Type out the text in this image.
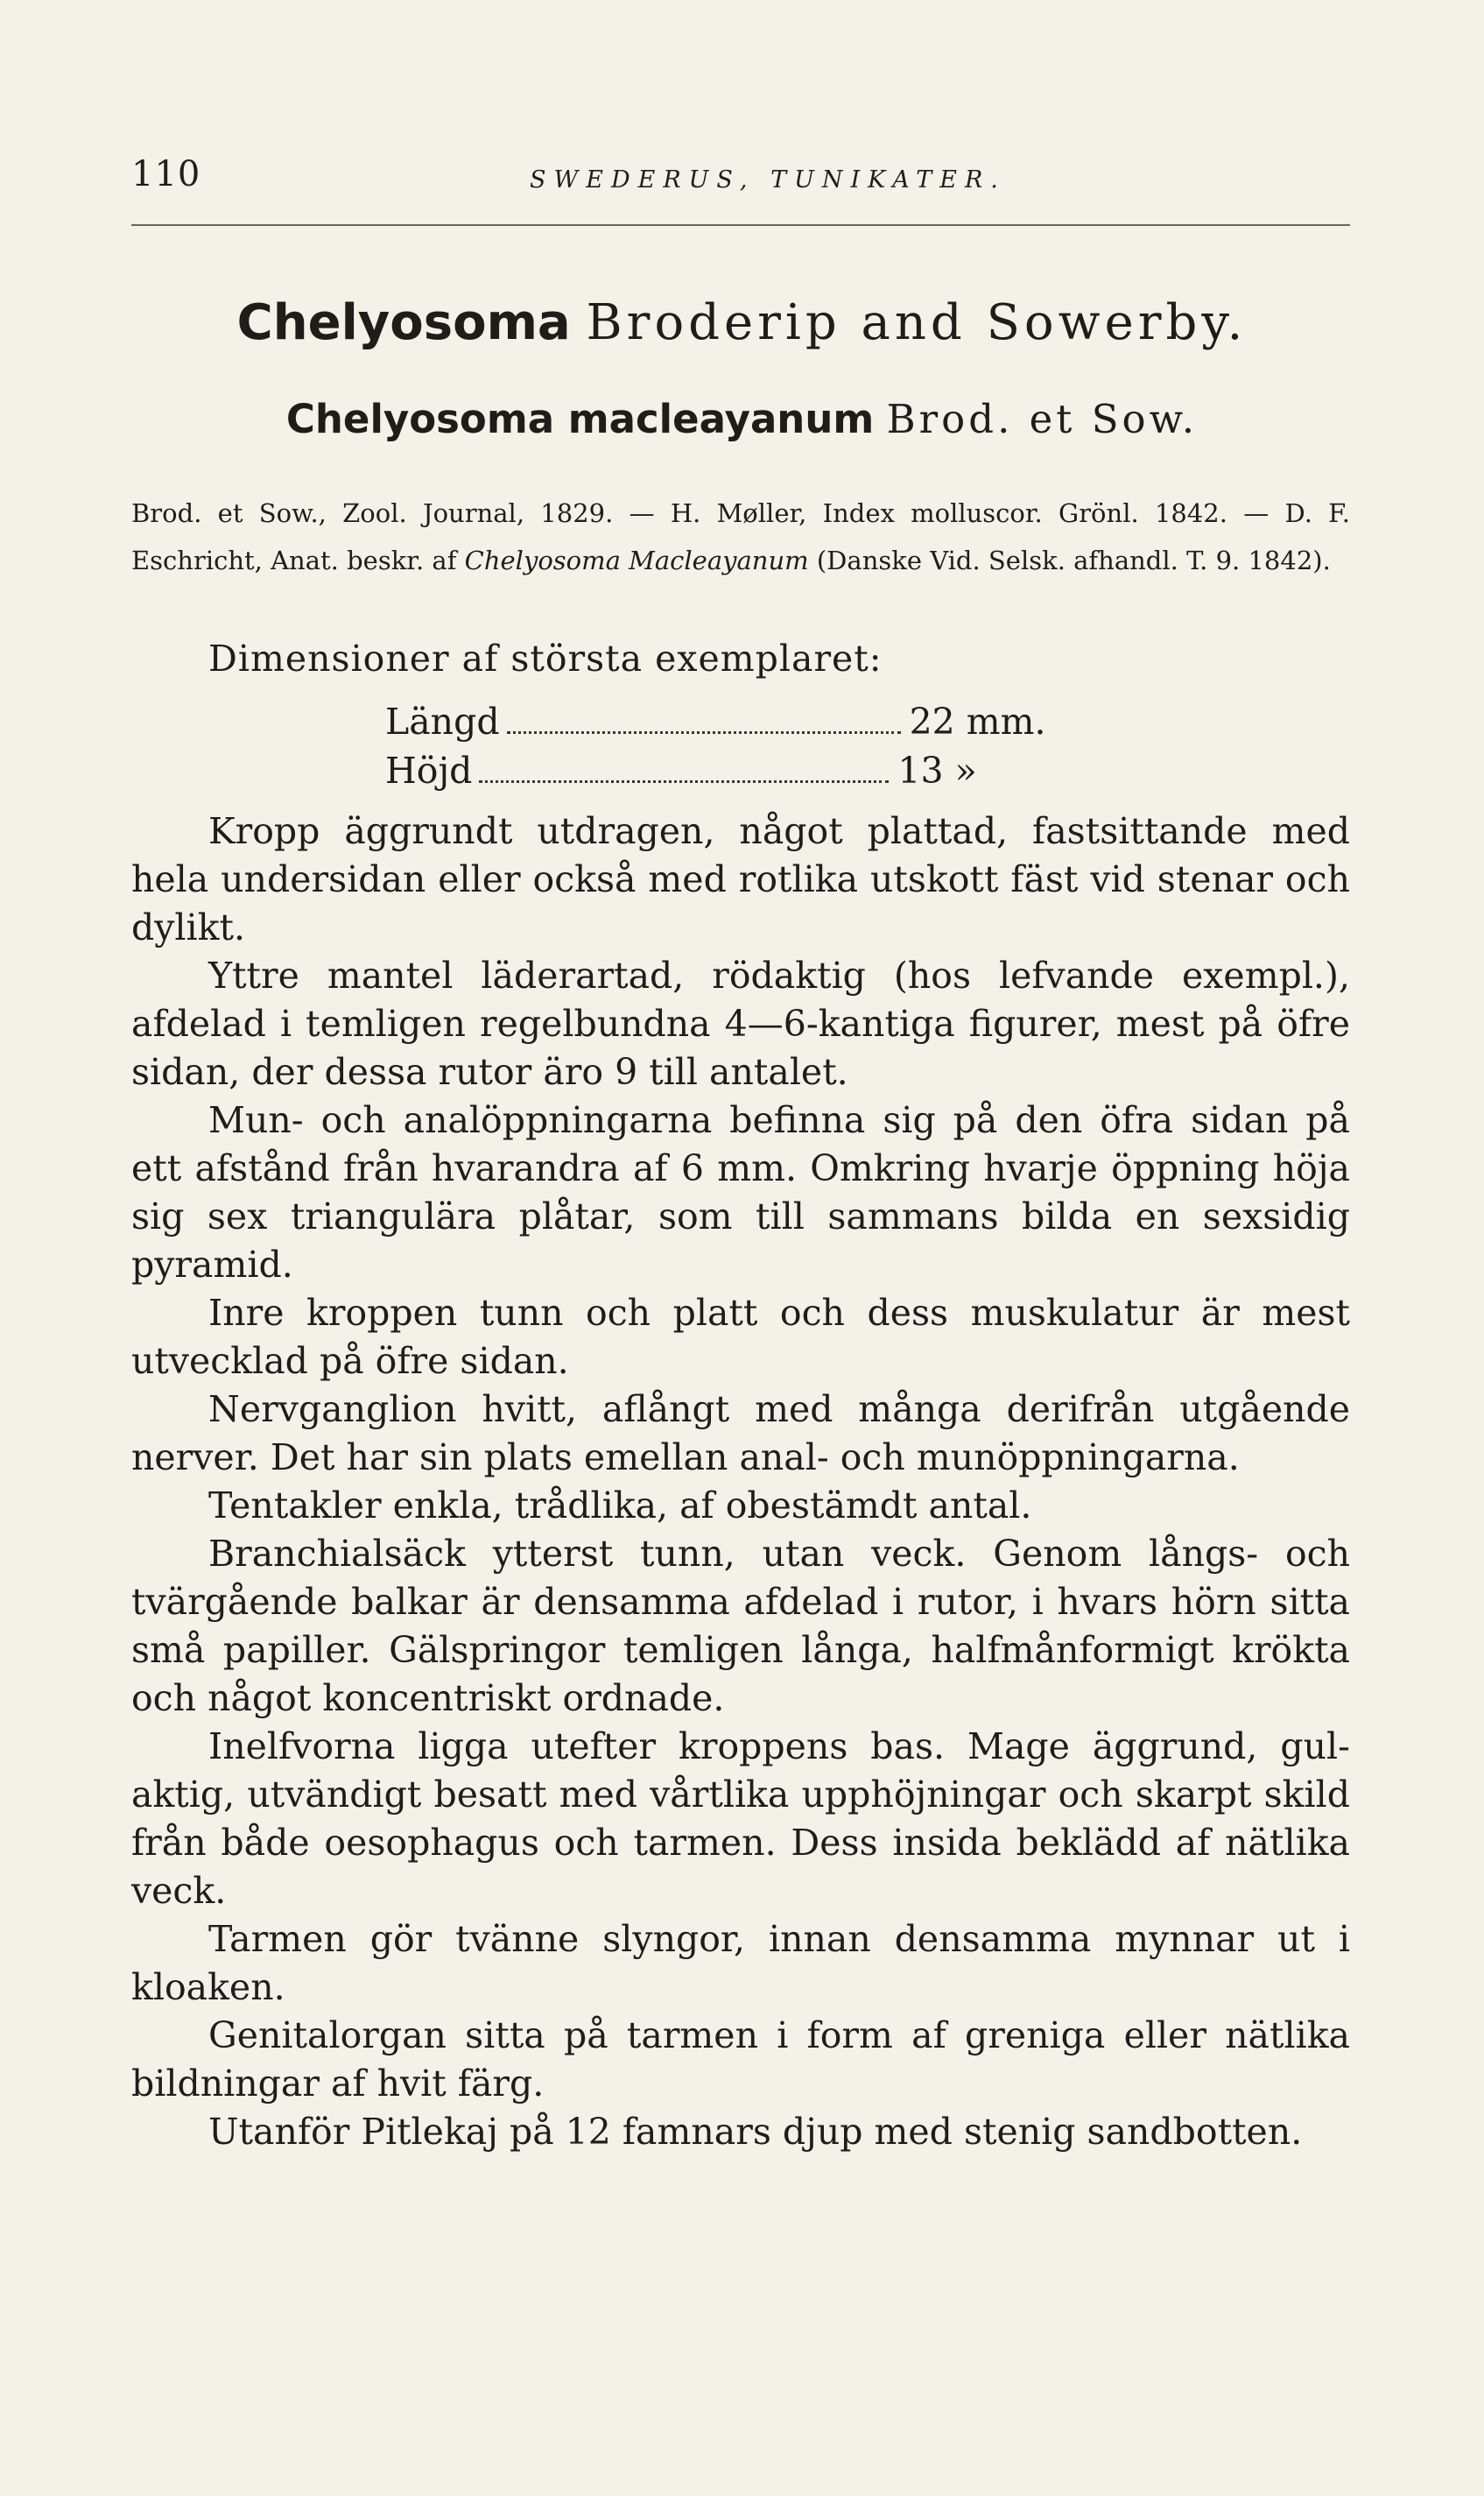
110	SWEDERUS, TUNIKATER.
Chelyosoma Broderip and Sowerby.
Chelyosoma macleayanum Brod. et Sow.
Brod. et Sow., Zool. Journal, 1829. — H. Møller, Index molluscor. Grönl. 1842. — D. F. Eschricht, Anat. beskr. af Chelyosoma Macleayanum (Danske Vid. Selsk. afhandl. T. 9. 1842).
Dimensioner af största exemplaret:
Längd	22 mm.
Höjd	13 »

Kropp äggrundt utdragen, något plattad, fastsittande med hela undersidan eller också med rotlika utskott fäst vid stenar och dylikt.

Yttre mantel läderartad, rödaktig (hos lefvande exempl.), afdelad i temligen regelbundna 4—6-kantiga figurer, mest på öfre sidan, der dessa rutor äro 9 till antalet.

Mun- och analöppningarna befinna sig på den öfra sidan på ett afstånd från hvarandra af 6 mm. Omkring hvarje öppning höja sig sex triangulära plåtar, som till sammans bilda en sexsidig pyramid.

Inre kroppen tunn och platt och dess muskulatur är mest utvecklad på öfre sidan.

Nervganglion hvitt, aflångt med många derifrån utgående nerver. Det har sin plats emellan anal- och munöppningarna.

Tentakler enkla, trådlika, af obestämdt antal.

Branchialsäck ytterst tunn, utan veck. Genom långs- och tvärgående balkar är densamma afdelad i rutor, i hvars hörn sitta små papiller. Gälspringor temligen långa, halfmånformigt krökta och något koncentriskt ordnade.

Inelfvorna ligga utefter kroppens bas. Mage äggrund, gulaktig, utvändigt besatt med vårtlika upphöjningar och skarpt skild från både oesophagus och tarmen. Dess insida beklädd af nätlika veck.

Tarmen gör tvänne slyngor, innan densamma mynnar ut i kloaken.

Genitalorgan sitta på tarmen i form af greniga eller nätlika bildningar af hvit färg.

Utanför Pitlekaj på 12 famnars djup med stenig sandbotten.
